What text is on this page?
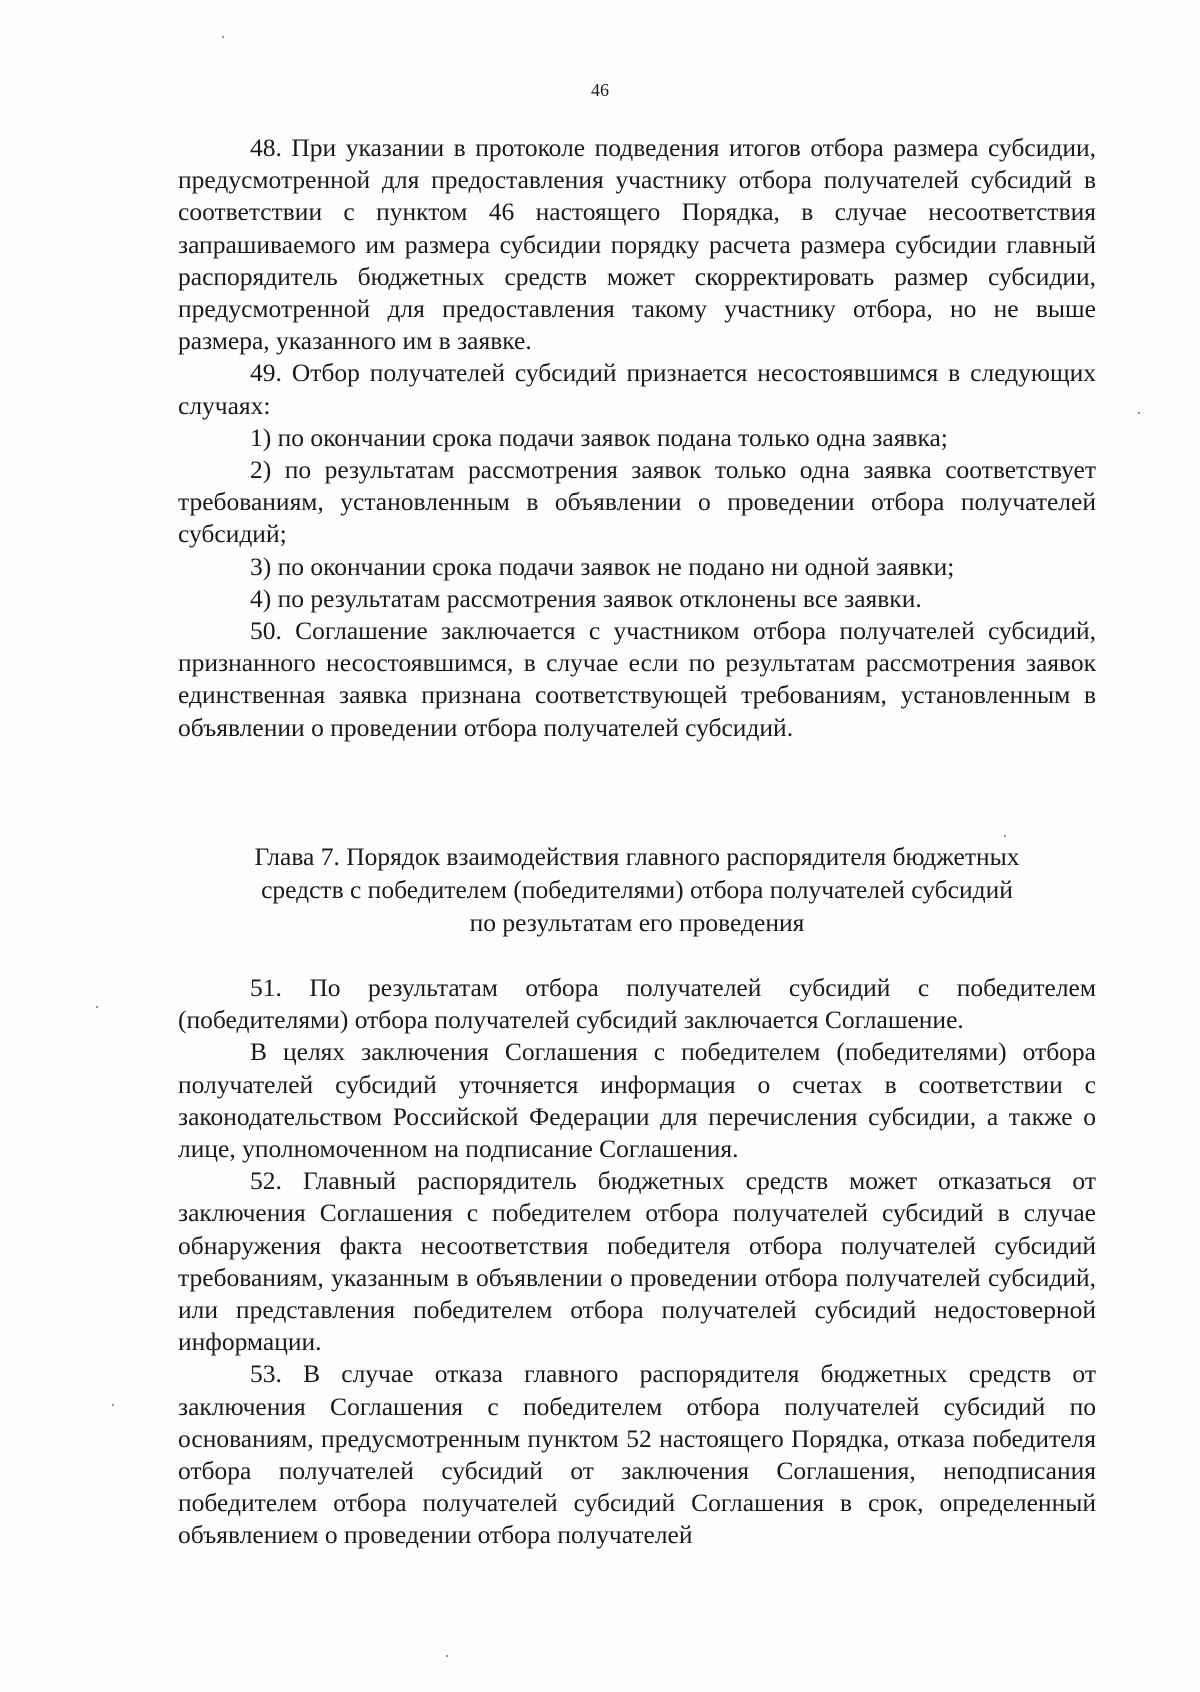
46

48. При указании в протоколе подведения итогов отбора размера субсидии, предусмотренной для предоставления участнику отбора получателей субсидий в соответствии с пунктом 46 настоящего Порядка, в случае несоответствия запрашиваемого им размера субсидии порядку расчета размера субсидии главный распорядитель бюджетных средств может скорректировать размер субсидии, предусмотренной для предоставления такому участнику отбора, но не выше размера, указанного им в заявке.

49. Отбор получателей субсидий признается несостоявшимся в следующих случаях:

1) по окончании срока подачи заявок подана только одна заявка;

2) по результатам рассмотрения заявок только одна заявка соответствует требованиям, установленным в объявлении о проведении отбора получателей субсидий;

3) по окончании срока подачи заявок не подано ни одной заявки;

4) по результатам рассмотрения заявок отклонены все заявки.

50. Соглашение заключается с участником отбора получателей субсидий, признанного несостоявшимся, в случае если по результатам рассмотрения заявок единственная заявка признана соответствующей требованиям, установленным в объявлении о проведении отбора получателей субсидий.

Глава 7. Порядок взаимодействия главного распорядителя бюджетных
средств с победителем (победителями) отбора получателей субсидий
по результатам его проведения

51. По результатам отбора получателей субсидий с победителем (победителями) отбора получателей субсидий заключается Соглашение.

В целях заключения Соглашения с победителем (победителями) отбора получателей субсидий уточняется информация о счетах в соответствии с законодательством Российской Федерации для перечисления субсидии, а также о лице, уполномоченном на подписание Соглашения.

52. Главный распорядитель бюджетных средств может отказаться от заключения Соглашения с победителем отбора получателей субсидий в случае обнаружения факта несоответствия победителя отбора получателей субсидий требованиям, указанным в объявлении о проведении отбора получателей субсидий, или представления победителем отбора получателей субсидий недостоверной информации.

53. В случае отказа главного распорядителя бюджетных средств от заключения Соглашения с победителем отбора получателей субсидий по основаниям, предусмотренным пунктом 52 настоящего Порядка, отказа победителя отбора получателей субсидий от заключения Соглашения, неподписания победителем отбора получателей субсидий Соглашения в срок, определенный объявлением о проведении отбора получателей
